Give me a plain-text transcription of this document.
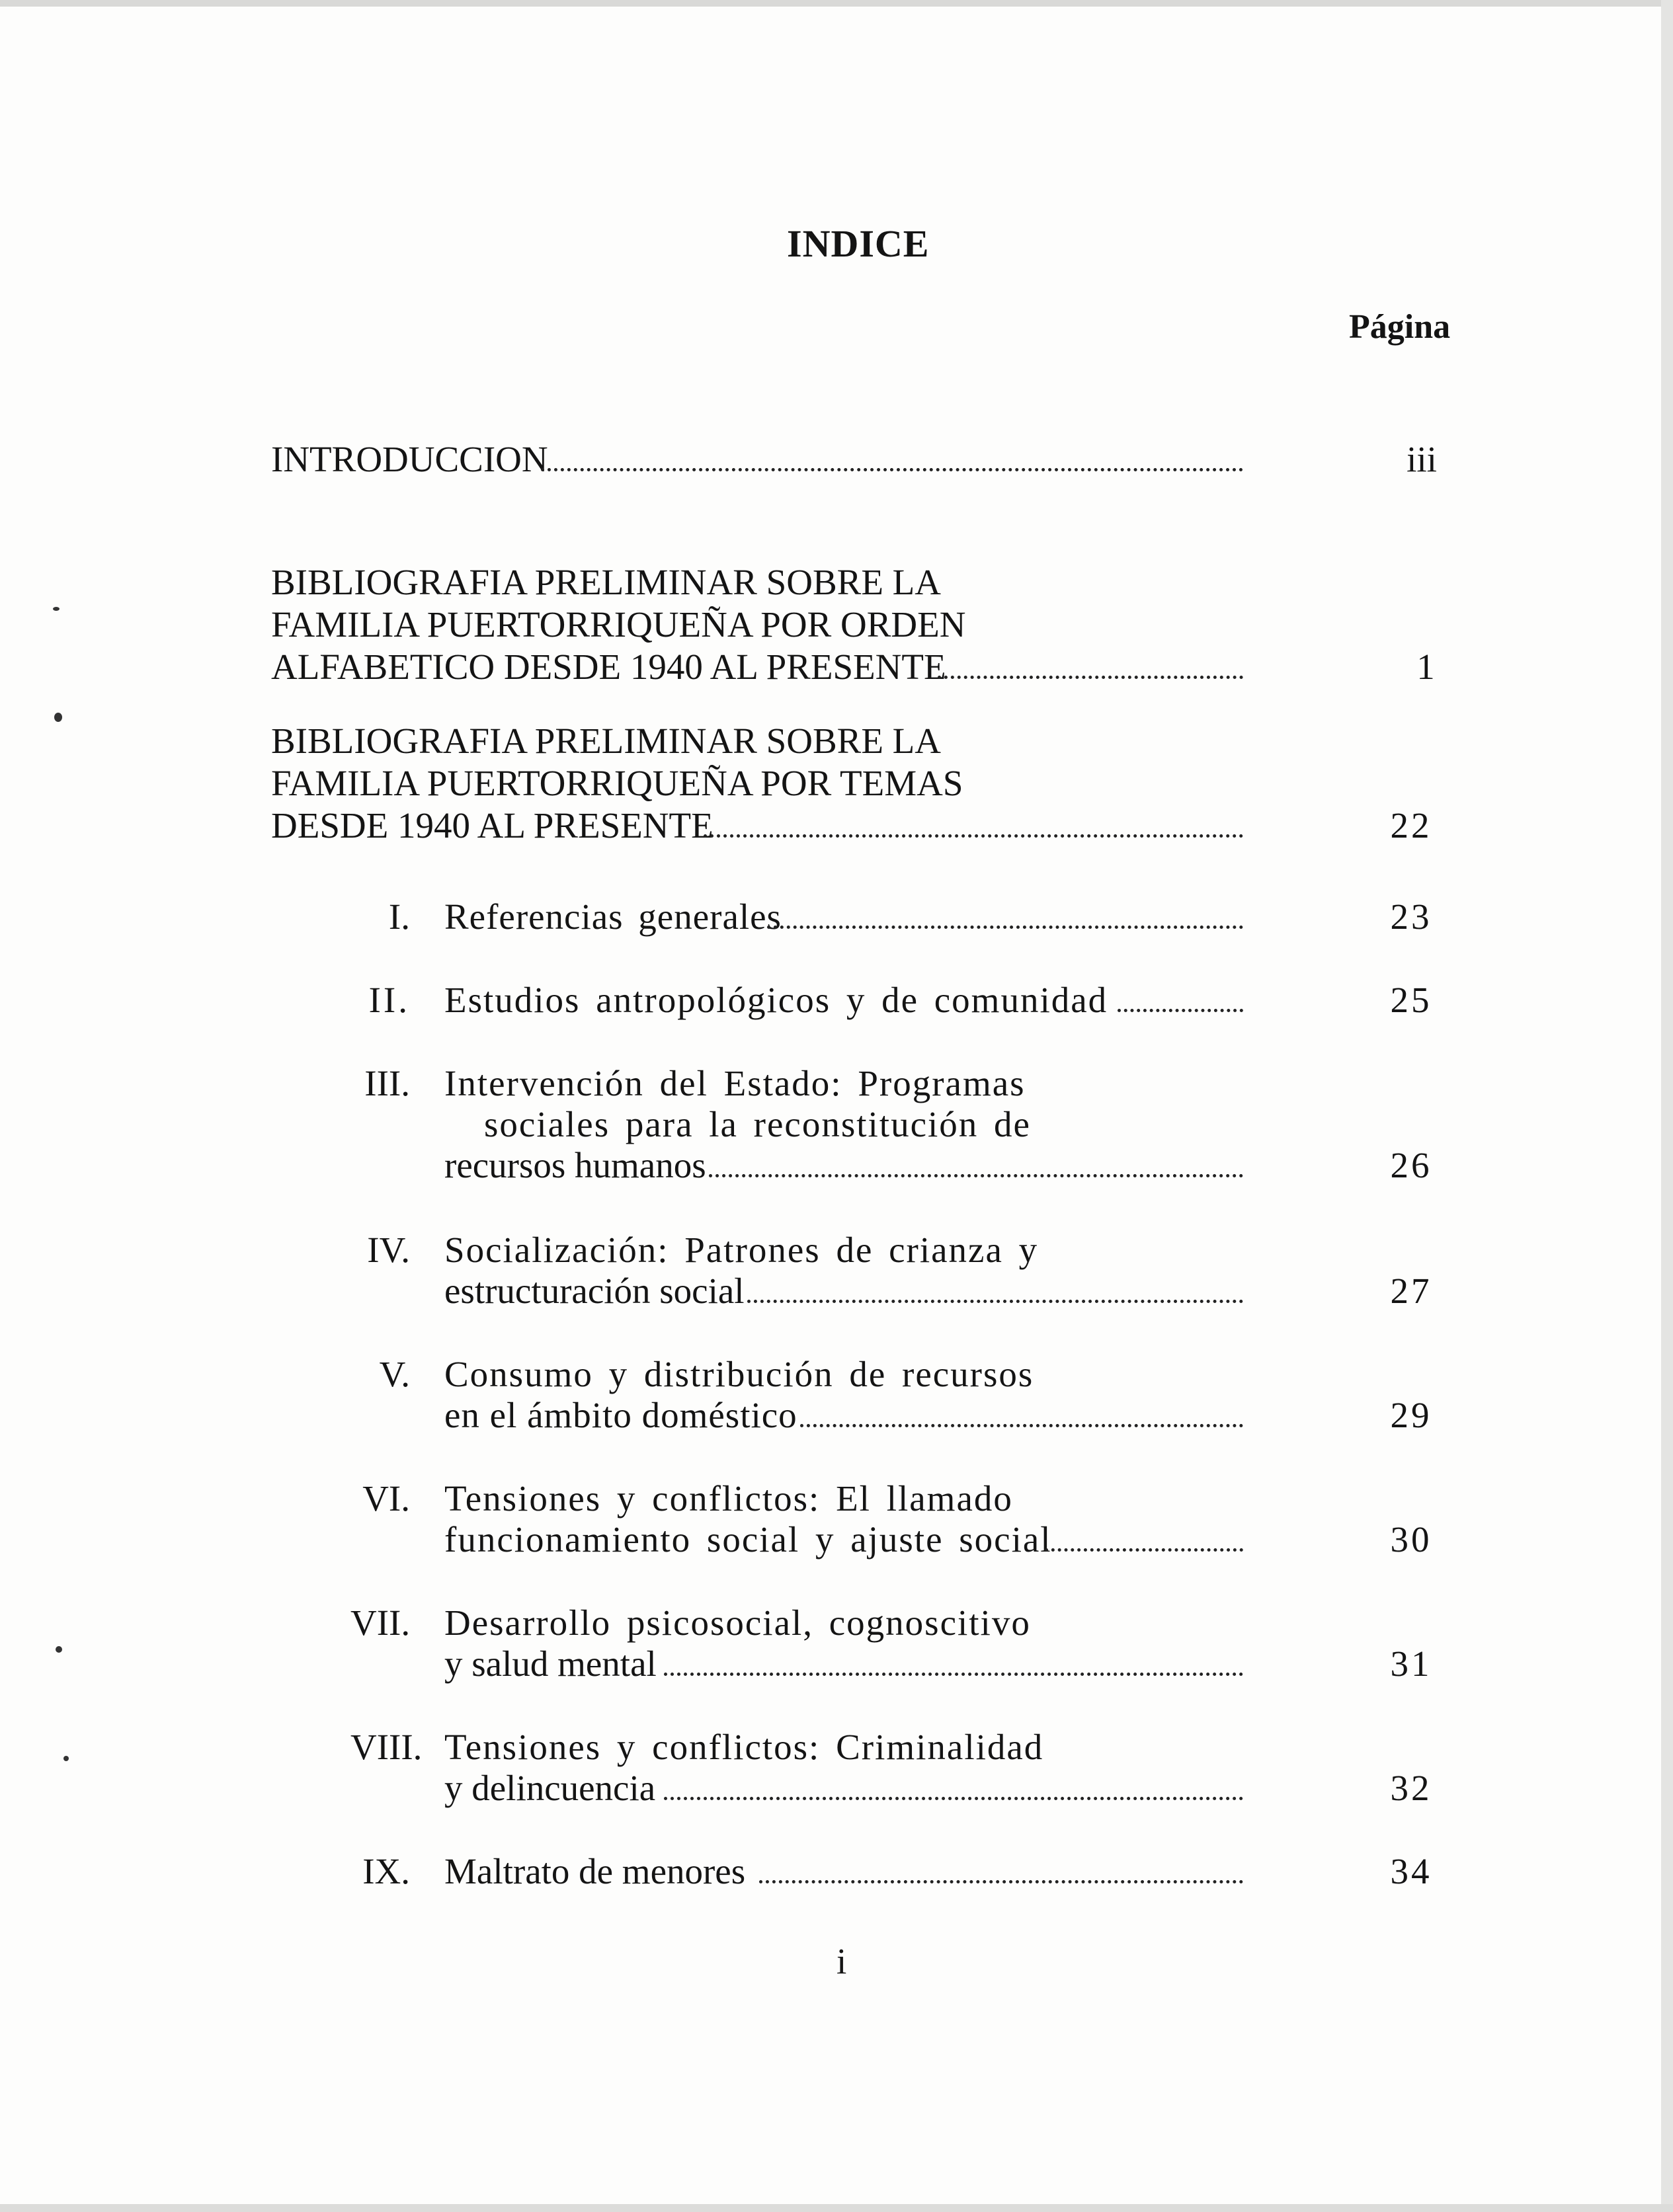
INDICE
Página
INTRODUCCION	iii
BIBLIOGRAFIA PRELIMINAR SOBRE LA
FAMILIA PUERTORRIQUEÑA POR ORDEN
ALFABETICO DESDE 1940 AL PRESENTE	1
BIBLIOGRAFIA PRELIMINAR SOBRE LA
FAMILIA PUERTORRIQUEÑA POR TEMAS
DESDE 1940 AL PRESENTE	22
I. Referencias generales	23
II. Estudios antropológicos y de comunidad	25
III. Intervención del Estado: Programas
sociales para la reconstitución de
recursos humanos	26
IV. Socialización: Patrones de crianza y
estructuración social	27
V. Consumo y distribución de recursos
en el ámbito doméstico	29
VI. Tensiones y conflictos: El llamado
funcionamiento social y ajuste social	30
VII. Desarrollo psicosocial, cognoscitivo
y salud mental	31
VIII. Tensiones y conflictos: Criminalidad
y delincuencia	32
IX. Maltrato de menores	34
i
